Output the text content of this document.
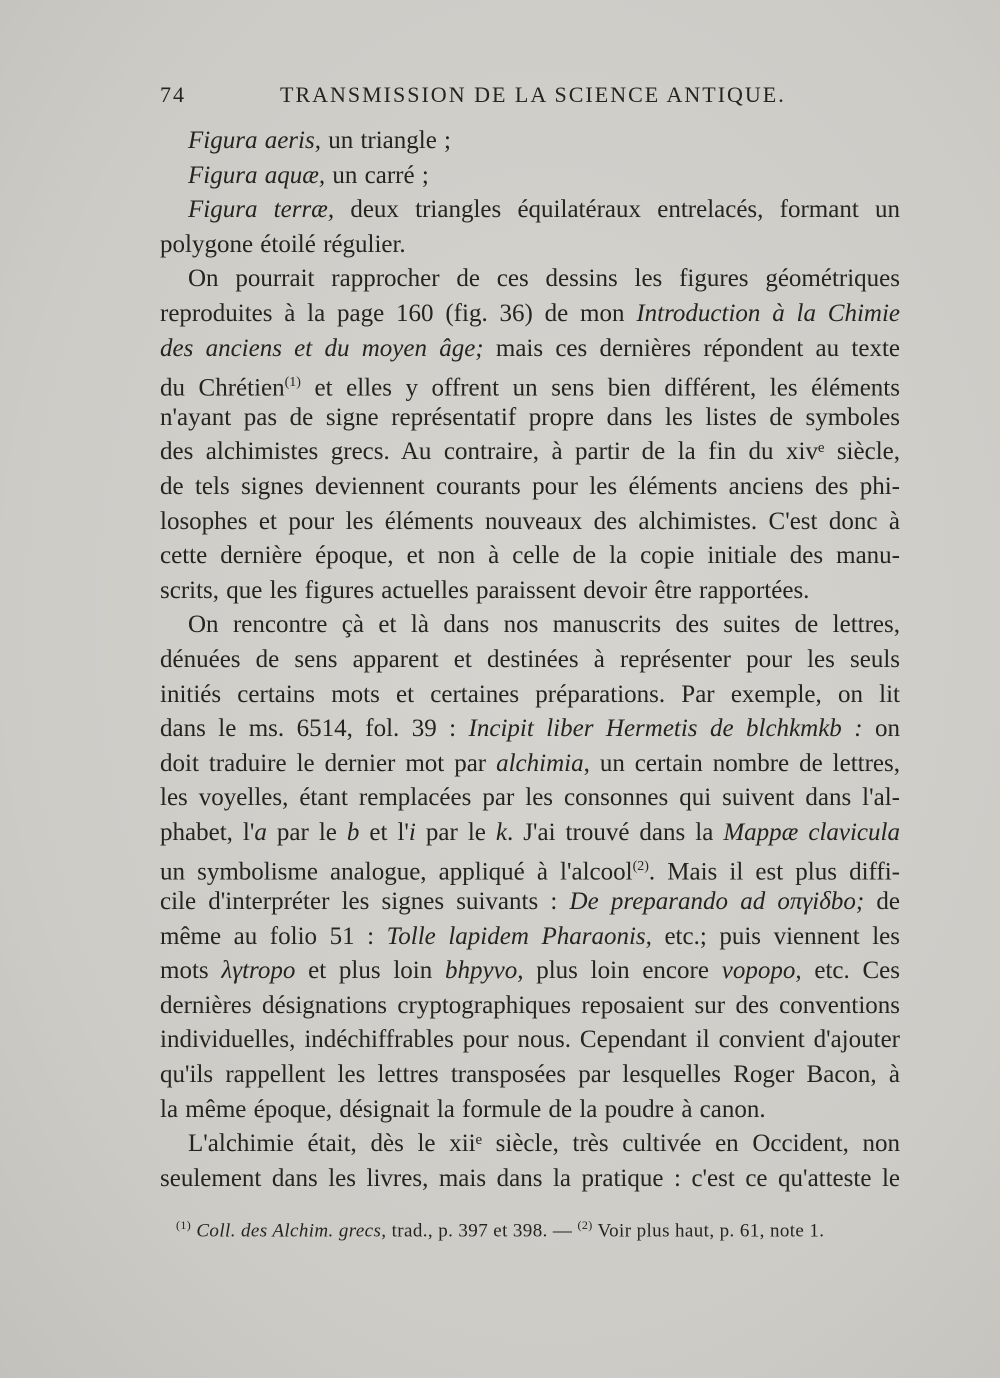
74	TRANSMISSION DE LA SCIENCE ANTIQUE.
Figura aeris, un triangle ;
Figura aquæ, un carré ;
Figura terræ, deux triangles équilatéraux entrelacés, formant un
polygone étoilé régulier.
On pourrait rapprocher de ces dessins les figures géométriques
reproduites à la page 160 (fig. 36) de mon Introduction à la Chimie
des anciens et du moyen âge; mais ces dernières répondent au texte
du Chrétien$^{(1)}$ et elles y offrent un sens bien différent, les éléments
n'ayant pas de signe représentatif propre dans les listes de symboles
des alchimistes grecs. Au contraire, à partir de la fin du xivᵉ siècle,
de tels signes deviennent courants pour les éléments anciens des phi-
losophes et pour les éléments nouveaux des alchimistes. C'est donc à
cette dernière époque, et non à celle de la copie initiale des manu-
scrits, que les figures actuelles paraissent devoir être rapportées.
On rencontre çà et là dans nos manuscrits des suites de lettres,
dénuées de sens apparent et destinées à représenter pour les seuls
initiés certains mots et certaines préparations. Par exemple, on lit
dans le ms. 6514, fol. 39 : Incipit liber Hermetis de blchkmkb : on
doit traduire le dernier mot par alchimia, un certain nombre de lettres,
les voyelles, étant remplacées par les consonnes qui suivent dans l'al-
phabet, l'a par le b et l'i par le k. J'ai trouvé dans la Mappæ clavicula
un symbolisme analogue, appliqué à l'alcool$^{(2)}$. Mais il est plus diffi-
cile d'interpréter les signes suivants : De preparando ad oπγiδbo; de
même au folio 51 : Tolle lapidem Pharaonis, etc.; puis viennent les
mots λγtropo et plus loin bhpyvo, plus loin encore vopopo, etc. Ces
dernières désignations cryptographiques reposaient sur des conventions
individuelles, indéchiffrables pour nous. Cependant il convient d'ajouter
qu'ils rappellent les lettres transposées par lesquelles Roger Bacon, à
la même époque, désignait la formule de la poudre à canon.
L'alchimie était, dès le xiiᵉ siècle, très cultivée en Occident, non
seulement dans les livres, mais dans la pratique : c'est ce qu'atteste le
$^{(1)}$ Coll. des Alchim. grecs, trad., p. 397 et 398. — $^{(2)}$ Voir plus haut, p. 61, note 1.
